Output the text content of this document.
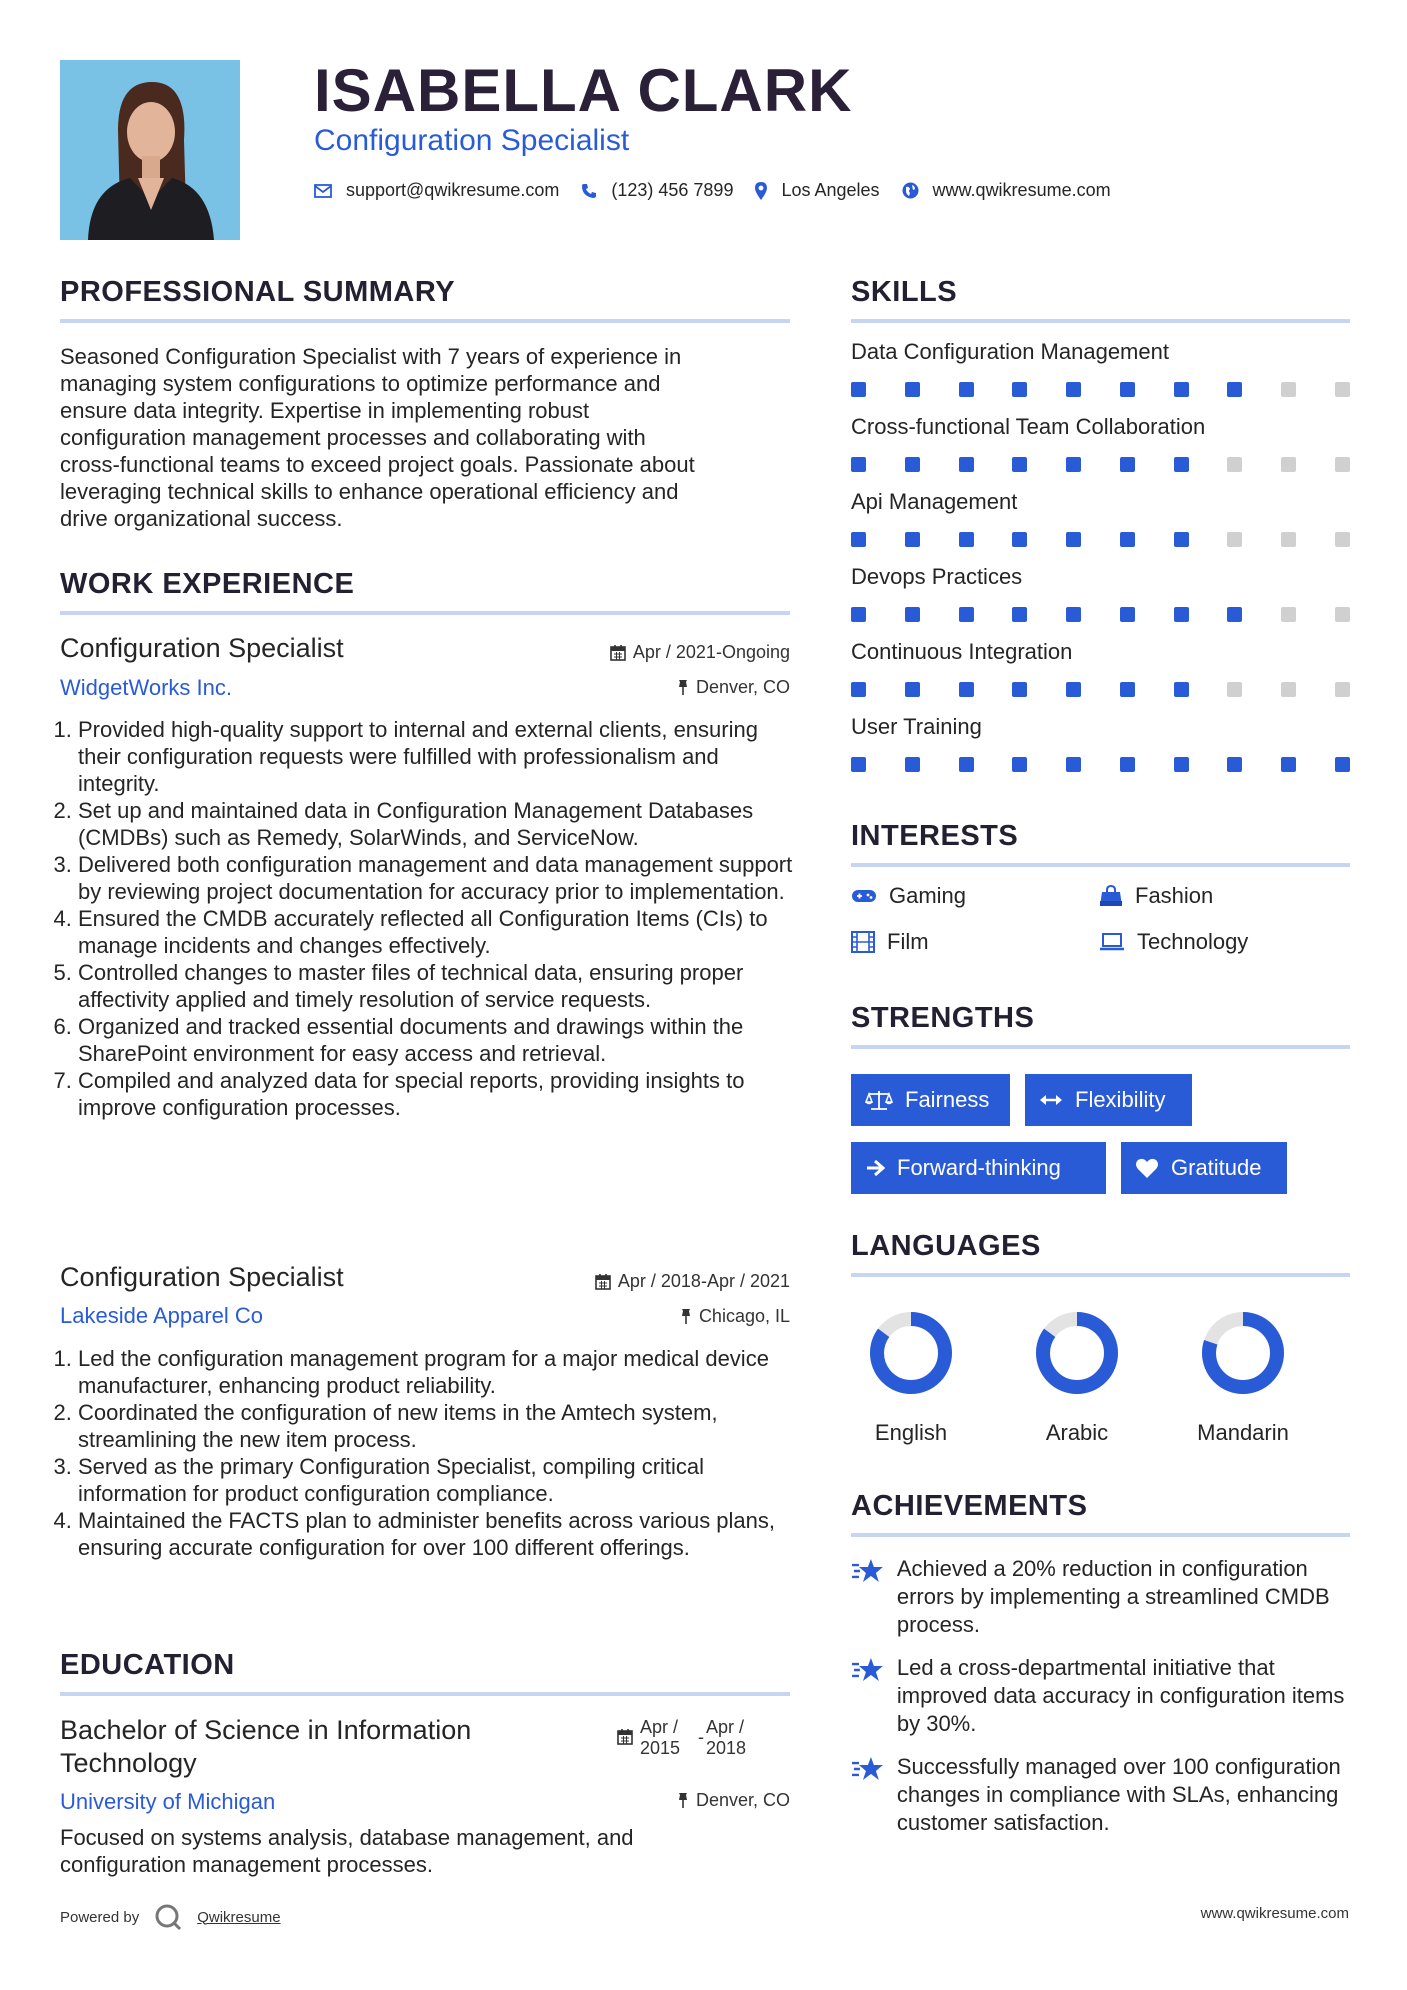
ISABELLA CLARK
Configuration Specialist
support@qwikresume.com	(123) 456 7899	Los Angeles	www.qwikresume.com
PROFESSIONAL SUMMARY
Seasoned Configuration Specialist with 7 years of experience in
managing system configurations to optimize performance and
ensure data integrity. Expertise in implementing robust
configuration management processes and collaborating with
cross-functional teams to exceed project goals. Passionate about
leveraging technical skills to enhance operational efficiency and
drive organizational success.
WORK EXPERIENCE
Configuration Specialist
WidgetWorks Inc.
Apr / 2021-Ongoing
Denver, CO
1. Provided high-quality support to internal and external clients, ensuring their configuration requests were fulfilled with professionalism and integrity.
2. Set up and maintained data in Configuration Management Databases (CMDBs) such as Remedy, SolarWinds, and ServiceNow.
3. Delivered both configuration management and data management support by reviewing project documentation for accuracy prior to implementation.
4. Ensured the CMDB accurately reflected all Configuration Items (CIs) to manage incidents and changes effectively.
5. Controlled changes to master files of technical data, ensuring proper affectivity applied and timely resolution of service requests.
6. Organized and tracked essential documents and drawings within the SharePoint environment for easy access and retrieval.
7. Compiled and analyzed data for special reports, providing insights to improve configuration processes.
Configuration Specialist
Lakeside Apparel Co
Apr / 2018-Apr / 2021
Chicago, IL
1. Led the configuration management program for a major medical device manufacturer, enhancing product reliability.
2. Coordinated the configuration of new items in the Amtech system, streamlining the new item process.
3. Served as the primary Configuration Specialist, compiling critical information for product configuration compliance.
4. Maintained the FACTS plan to administer benefits across various plans, ensuring accurate configuration for over 100 different offerings.
EDUCATION
Bachelor of Science in Information
Technology
Apr /
2015
- Apr /
2018
University of Michigan	Denver, CO
Focused on systems analysis, database management, and
configuration management processes.
SKILLS
Data Configuration Management
Cross-functional Team Collaboration
Api Management
Devops Practices
Continuous Integration
User Training
INTERESTS
Gaming	Fashion
Film	Technology
STRENGTHS
Fairness	Flexibility
Forward-thinking	Gratitude
LANGUAGES
English	Arabic	Mandarin
ACHIEVEMENTS
Achieved a 20% reduction in configuration errors by implementing a streamlined CMDB process.
Led a cross-departmental initiative that improved data accuracy in configuration items by 30%.
Successfully managed over 100 configuration changes in compliance with SLAs, enhancing customer satisfaction.
Powered by	Qwikresume	www.qwikresume.com
